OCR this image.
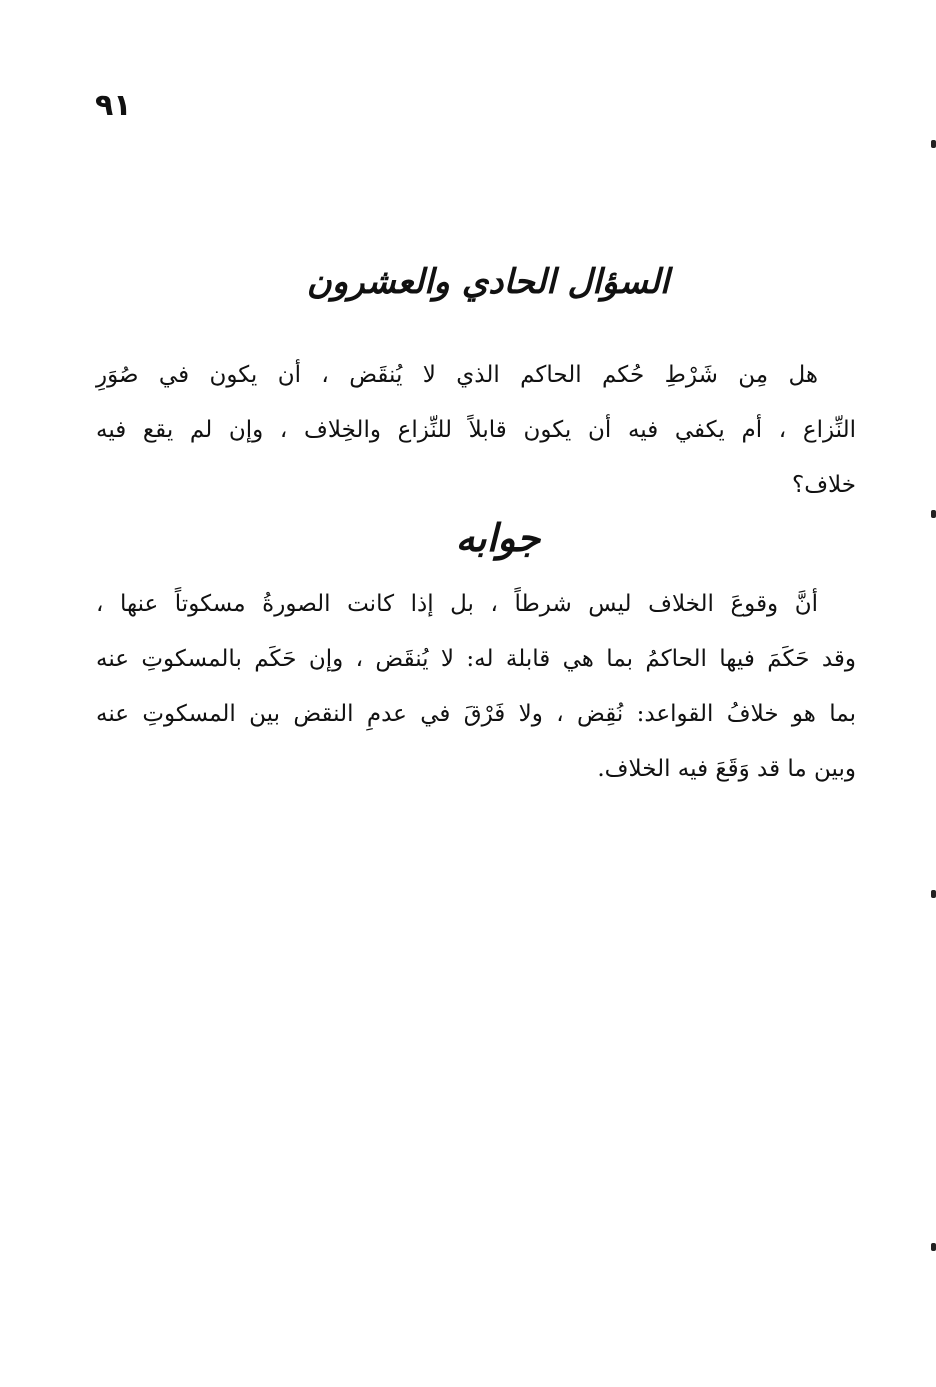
٩١
السؤال الحادي والعشرون
هل مِن شَرْطِ حُكم الحاكم الذي لا يُنقَض ، أن يكون في صُوَرِ
النِّزاع ، أم يكفي فيه أن يكون قابلاً للنِّزاع والخِلاف ، وإن لم يقع فيه
خلاف؟
جوابه
أنَّ وقوعَ الخلاف ليس شرطاً ، بل إذا كانت الصورةُ مسكوتاً عنها ،
وقد حَكَمَ فيها الحاكمُ بما هي قابلة له: لا يُنقَض ، وإن حَكَم بالمسكوتِ عنه
بما هو خلافُ القواعد: نُقِض ، ولا فَرْقَ في عدمِ النقض بين المسكوتِ عنه
وبين ما قد وَقَعَ فيه الخلاف.
